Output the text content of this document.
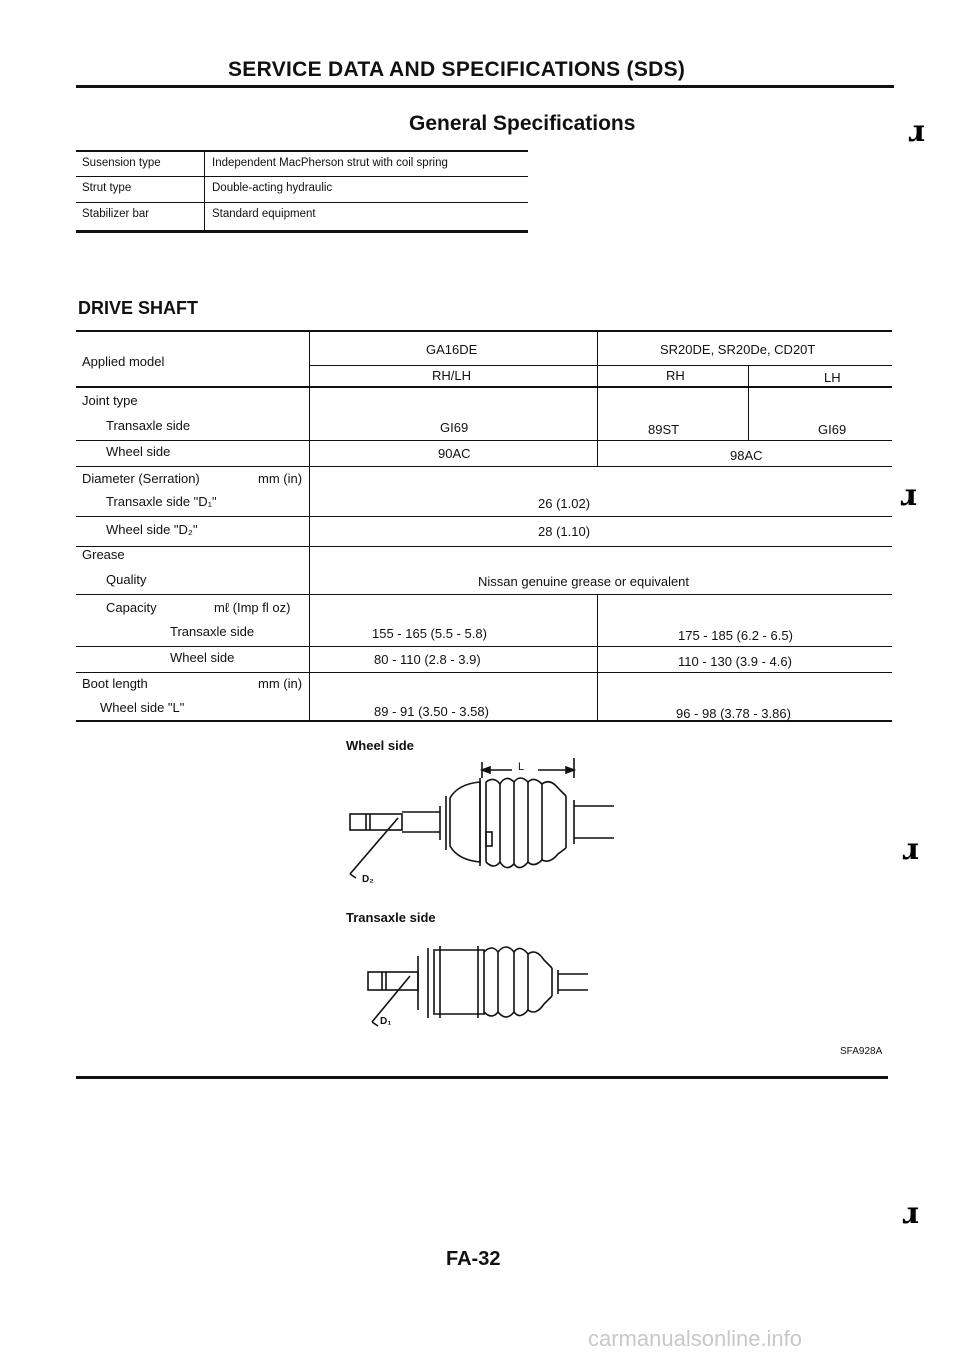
SERVICE DATA AND SPECIFICATIONS (SDS)
General Specifications
Susension type	Independent MacPherson strut with coil spring
Strut type	Double-acting hydraulic
Stabilizer bar	Standard equipment
DRIVE SHAFT
Applied model
GA16DE	SR20DE, SR20De, CD20T
RH/LH	RH	LH
Joint type
Transaxle side	GI69	89ST	GI69
Wheel side	90AC	98AC
Diameter (Serration)	mm (in)
Transaxle side "D₁"	26 (1.02)
Wheel side "D₂"	28 (1.10)
Grease
Quality	Nissan genuine grease or equivalent
Capacity	mℓ (Imp fl oz)
Transaxle side	155 - 165 (5.5 - 5.8)	175 - 185 (6.2 - 6.5)
Wheel side	80 - 110 (2.8 - 3.9)	110 - 130 (3.9 - 4.6)
Boot length	mm (in)
Wheel side "L"	89 - 91 (3.50 - 3.58)	96 - 98 (3.78 - 3.86)
Wheel side
L
D₂
Transaxle side
D₁
SFA928A
ɹ
ɹ
ɹ
ɹ
FA-32
carmanualsonline.info
